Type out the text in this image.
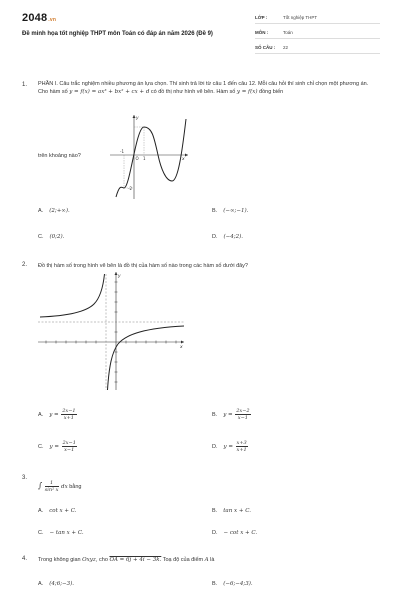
2048.vn
Đề minh họa tốt nghiệp THPT môn Toán có đáp án năm 2026 (Đề 9)
LỚP :	Tốt nghiệp THPT
MÔN :	Toán
SỐ CÂU : 22
1. PHẦN I. Câu trắc nghiệm nhiều phương án lựa chọn. Thí sinh trả lời từ câu 1 đến câu 12. Mỗi câu hỏi thí sinh chỉ chọn một phương án.
Cho hàm số y = f(x) = ax³ + bx² + cx + d có đồ thị như hình vẽ bên. Hàm số y = f(x) đồng biến
trên khoảng nào?
x
y
O
-1
1
-2
A. (2;+∞).	B. (−∞;−1).
C. (0;2).	D. (−4;2).
2. Đồ thị hàm số trong hình vẽ bên là đồ thị của hàm số nào trong các hàm số dưới đây?
x
y
A. $y = \frac{2x-1}{x+1}$	B. $y = \frac{2x-2}{x-1}$
C. $y = \frac{2x-1}{x-1}$	D. $y = \frac{x+3}{x+1}$
3.
∫ $\frac{1}{\text{sin² x}}$ dx bằng
A. cot x + C.	B. tan x + C.
C. − tan x + C.	D. − cot x + C.
4. Trong không gian Oxyz, cho OA = 6j + 4i − 3k. Toạ độ của điểm A là
A. (4;6;−3).	B. (−6;−4;3).
